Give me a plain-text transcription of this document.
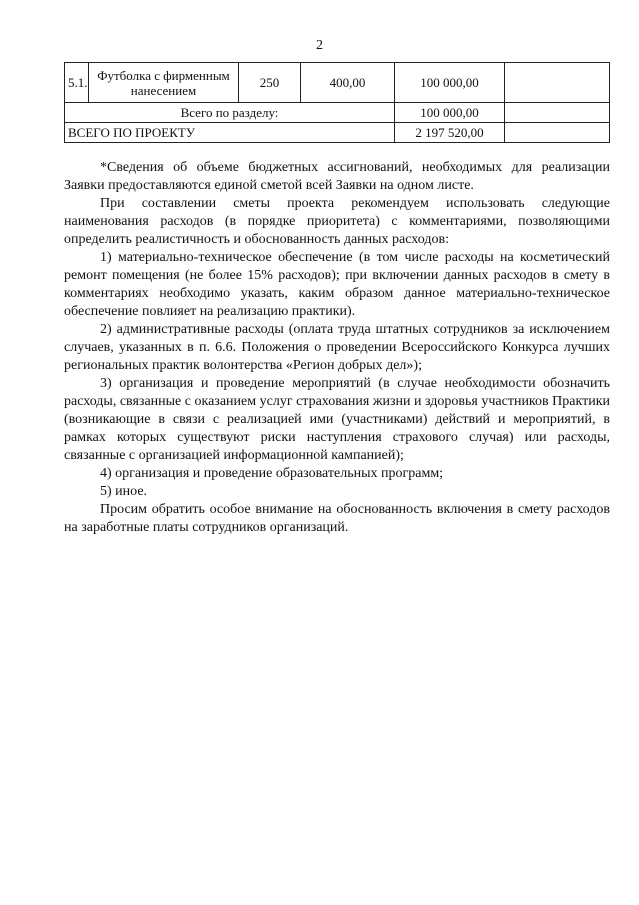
2
5.1.	Футболка с фирменным нанесением	250	400,00	100 000,00	
Всего по разделу:				100 000,00	
ВСЕГО ПО ПРОЕКТУ				2 197 520,00	

*Сведения об объеме бюджетных ассигнований, необходимых для реализации Заявки предоставляются единой сметой всей Заявки на одном листе.

При составлении сметы проекта рекомендуем использовать следующие наименования расходов (в порядке приоритета) с комментариями, позволяющими определить реалистичность и обоснованность данных расходов:

1) материально-техническое обеспечение (в том числе расходы на косметический ремонт помещения (не более 15% расходов); при включении данных расходов в смету в комментариях необходимо указать, каким образом данное материально-техническое обеспечение повлияет на реализацию практики).

2) административные расходы (оплата труда штатных сотрудников за исключением случаев, указанных в п. 6.6. Положения о проведении Всероссийского Конкурса лучших региональных практик волонтерства «Регион добрых дел»);

3) организация и проведение мероприятий (в случае необходимости обозначить расходы, связанные с оказанием услуг страхования жизни и здоровья участников Практики (возникающие в связи с реализацией ими (участниками) действий и мероприятий, в рамках которых существуют риски наступления страхового случая) или расходы, связанные с организацией информационной кампанией);

4) организация и проведение образовательных программ;

5) иное.

Просим обратить особое внимание на обоснованность включения в смету расходов на заработные платы сотрудников организаций.
